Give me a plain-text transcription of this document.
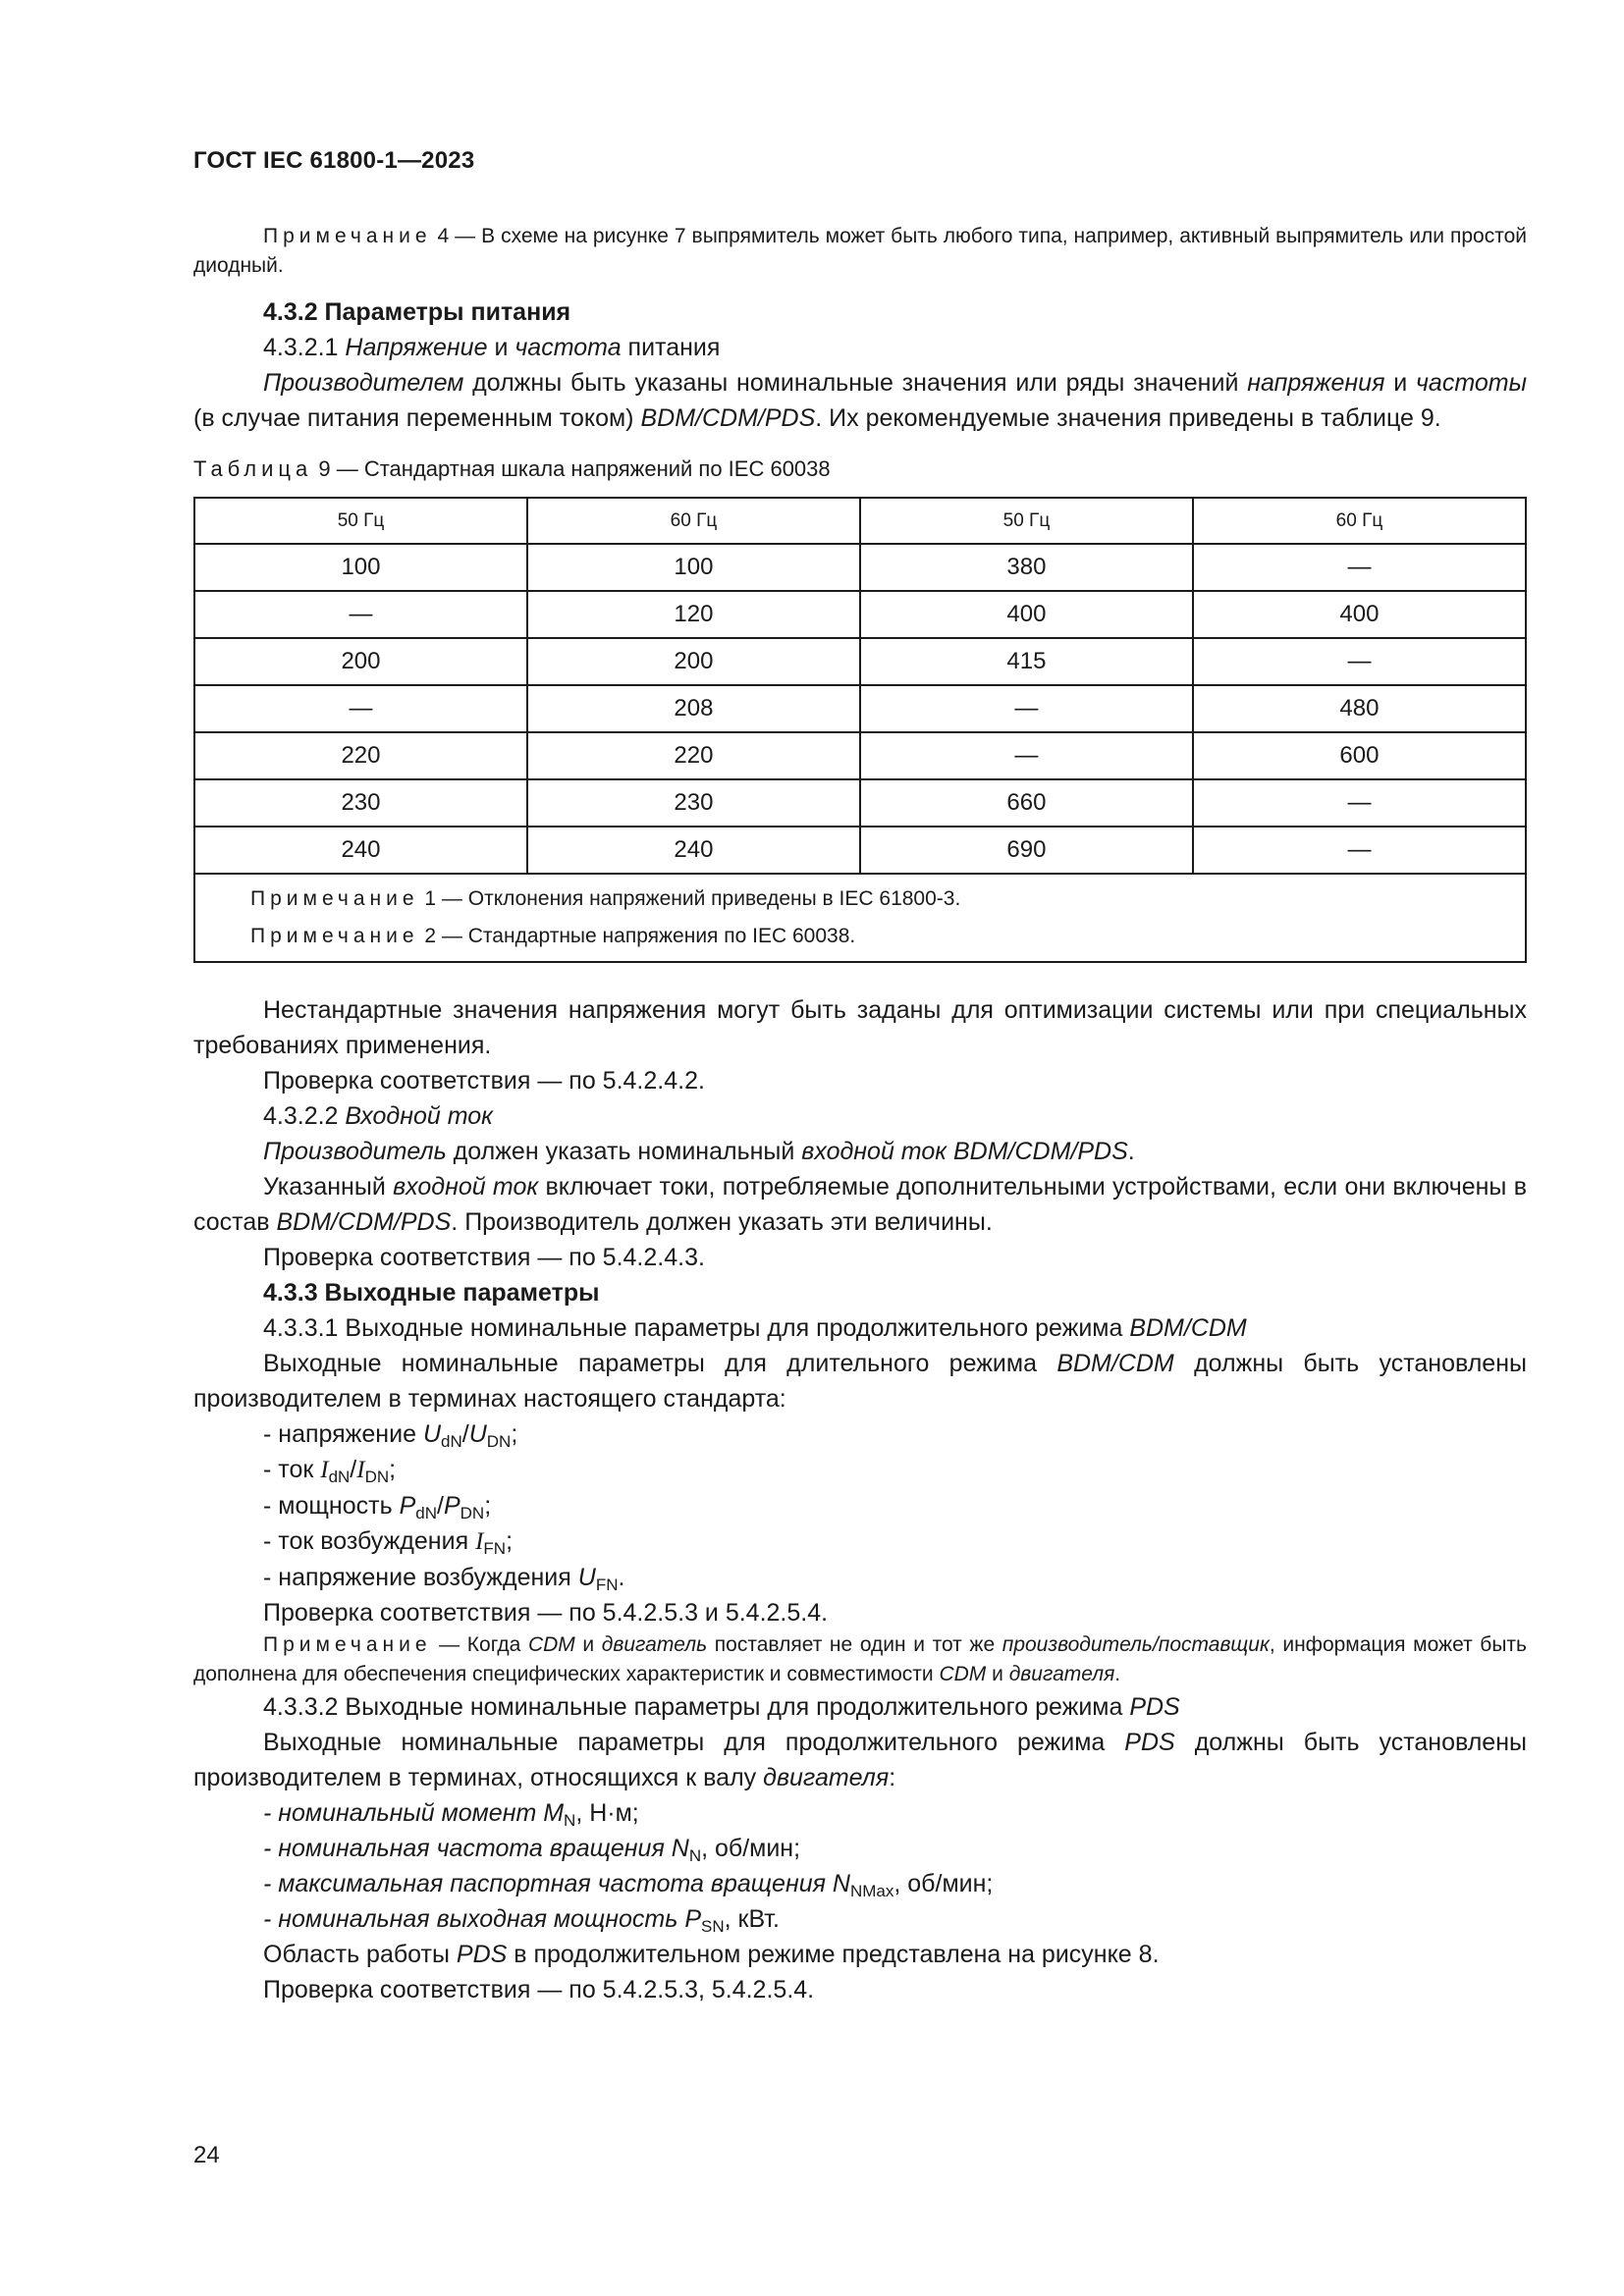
ГОСТ IEC 61800-1—2023

Примечание 4 — В схеме на рисунке 7 выпрямитель может быть любого типа, например, активный выпрямитель или простой диодный.

4.3.2 Параметры питания

4.3.2.1 Напряжение и частота питания

Производителем должны быть указаны номинальные значения или ряды значений напряжения и частоты (в случае питания переменным током) BDM/CDM/PDS. Их рекомендуемые значения приведены в таблице 9.

Таблица 9 — Стандартная шкала напряжений по IEC 60038
50 Гц	60 Гц	50 Гц	60 Гц
100	100	380	—
—	120	400	400
200	200	415	—
—	208	—	480
220	220	—	600
230	230	660	—
240	240	690	—

Примечание 1 — Отклонения напряжений приведены в IEC 61800-3.
Примечание 2 — Стандартные напряжения по IEC 60038.			

Нестандартные значения напряжения могут быть заданы для оптимизации системы или при специальных требованиях применения.

Проверка соответствия — по 5.4.2.4.2.

4.3.2.2 Входной ток

Производитель должен указать номинальный входной ток BDM/CDM/PDS.

Указанный входной ток включает токи, потребляемые дополнительными устройствами, если они включены в состав BDM/CDM/PDS. Производитель должен указать эти величины.

Проверка соответствия — по 5.4.2.4.3.

4.3.3 Выходные параметры

4.3.3.1 Выходные номинальные параметры для продолжительного режима BDM/CDM

Выходные номинальные параметры для длительного режима BDM/CDM должны быть установлены производителем в терминах настоящего стандарта:

- напряжение $U_{dN}/U_{DN}$;

- ток $I_{dN}/I_{DN}$;

- мощность $P_{dN}/P_{DN}$;

- ток возбуждения $I_{FN}$;

- напряжение возбуждения $U_{FN}$.

Проверка соответствия — по 5.4.2.5.3 и 5.4.2.5.4.

Примечание — Когда CDM и двигатель поставляет не один и тот же производитель/поставщик, информация может быть дополнена для обеспечения специфических характеристик и совместимости CDM и двигателя.

4.3.3.2 Выходные номинальные параметры для продолжительного режима PDS

Выходные номинальные параметры для продолжительного режима PDS должны быть установлены производителем в терминах, относящихся к валу двигателя:

- номинальный момент $M_N$, Н·м;

- номинальная частота вращения $N_N$, об/мин;

- максимальная паспортная частота вращения $N_{NMax}$, об/мин;

- номинальная выходная мощность $P_{SN}$, кВт.

Область работы PDS в продолжительном режиме представлена на рисунке 8.

Проверка соответствия — по 5.4.2.5.3, 5.4.2.5.4.

24
